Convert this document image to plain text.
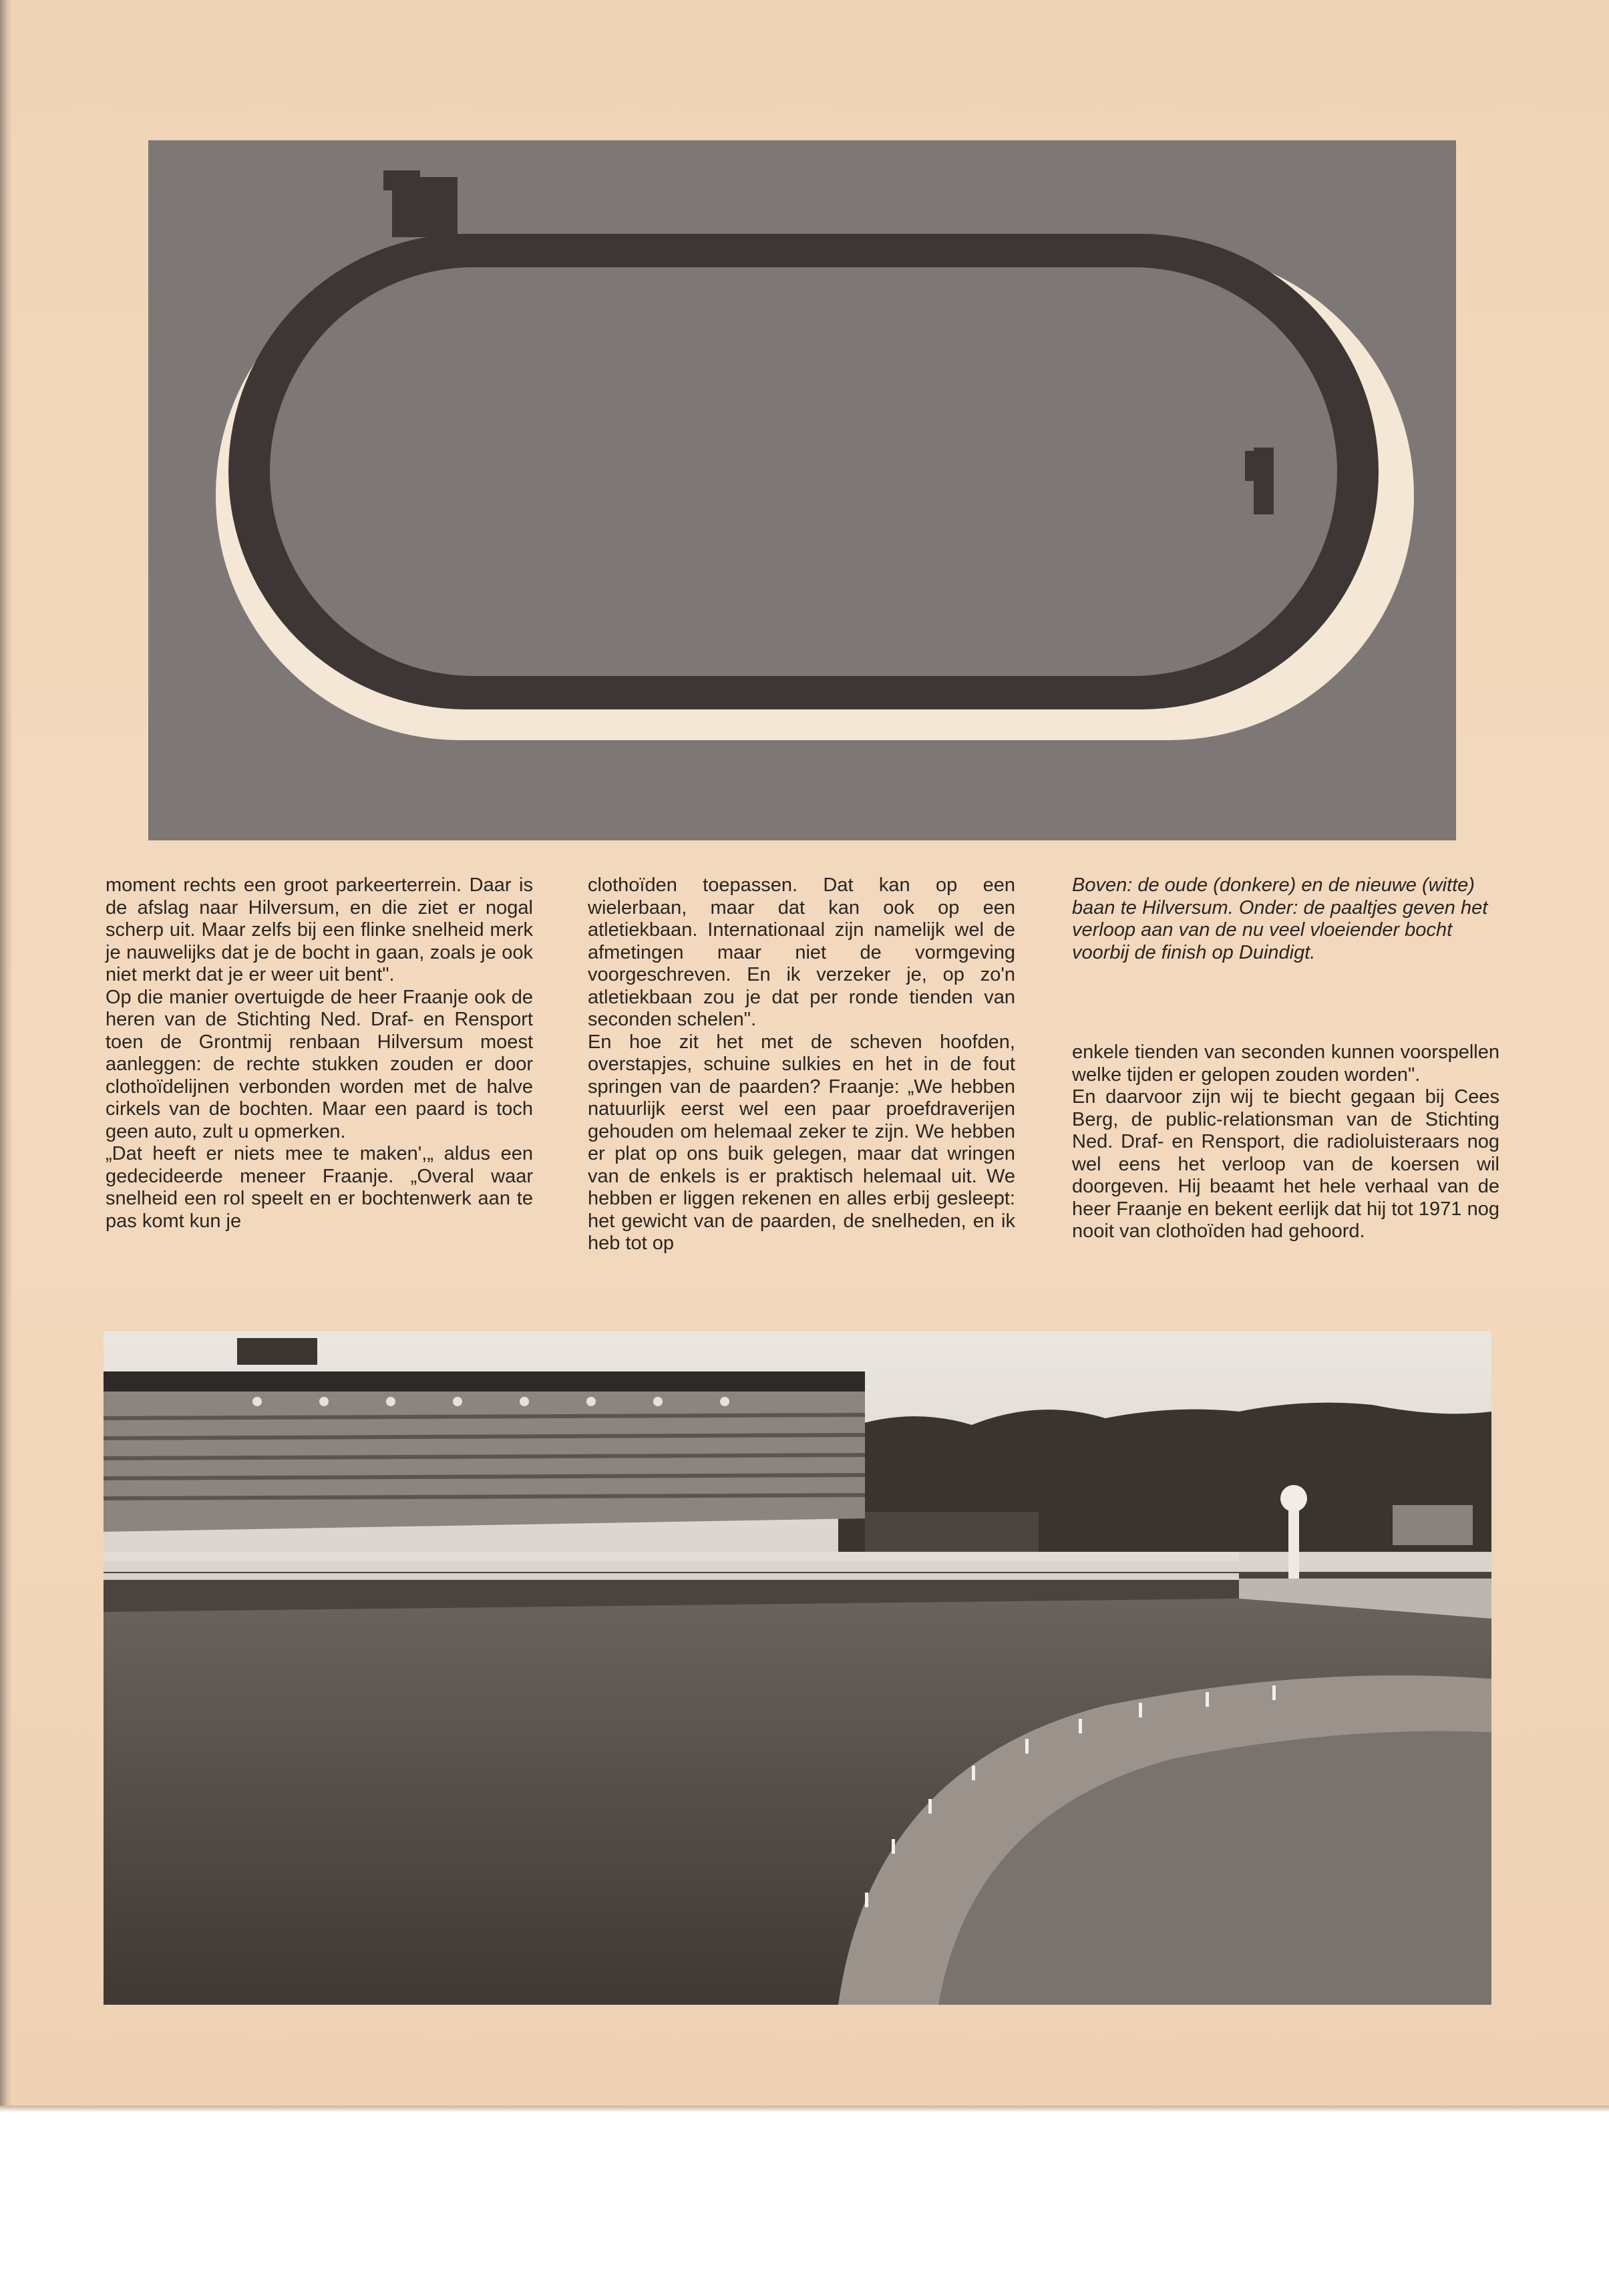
moment rechts een groot parkeerterrein. Daar is de afslag naar Hilversum, en die ziet er nogal scherp uit. Maar zelfs bij een flinke snelheid merk je nauwelijks dat je de bocht in gaan, zoals je ook niet merkt dat je er weer uit bent".

Op die manier overtuigde de heer Fraanje ook de heren van de Stichting Ned. Draf- en Rensport toen de Grontmij renbaan Hilversum moest aanleggen: de rechte stukken zouden er door clothoïdelijnen verbonden worden met de halve cirkels van de bochten. Maar een paard is toch geen auto, zult u opmerken.

„Dat heeft er niets mee te maken',„ aldus een gedecideerde meneer Fraanje. „Overal waar snelheid een rol speelt en er bochtenwerk aan te pas komt kun je

clothoïden toepassen. Dat kan op een wielerbaan, maar dat kan ook op een atletiekbaan. Internationaal zijn namelijk wel de afmetingen maar niet de vormgeving voorgeschreven. En ik verzeker je, op zo'n atletiekbaan zou je dat per ronde tienden van seconden schelen".

En hoe zit het met de scheven hoofden, overstapjes, schuine sulkies en het in de fout springen van de paarden? Fraanje: „We hebben natuurlijk eerst wel een paar proefdraverijen gehouden om helemaal zeker te zijn. We hebben er plat op ons buik gelegen, maar dat wringen van de enkels is er praktisch helemaal uit. We hebben er liggen rekenen en alles erbij gesleept: het gewicht van de paarden, de snelheden, en ik heb tot op

Boven: de oude (donkere) en de nieuwe (witte) baan te Hilversum. Onder: de paaltjes geven het verloop aan van de nu veel vloeiender bocht voorbij de finish op Duindigt.

enkele tienden van seconden kunnen voorspellen welke tijden er gelopen zouden worden".

En daarvoor zijn wij te biecht gegaan bij Cees Berg, de public-relationsman van de Stichting Ned. Draf- en Rensport, die radioluisteraars nog wel eens het verloop van de koersen wil doorgeven. Hij beaamt het hele verhaal van de heer Fraanje en bekent eerlijk dat hij tot 1971 nog nooit van clothoïden had gehoord.
